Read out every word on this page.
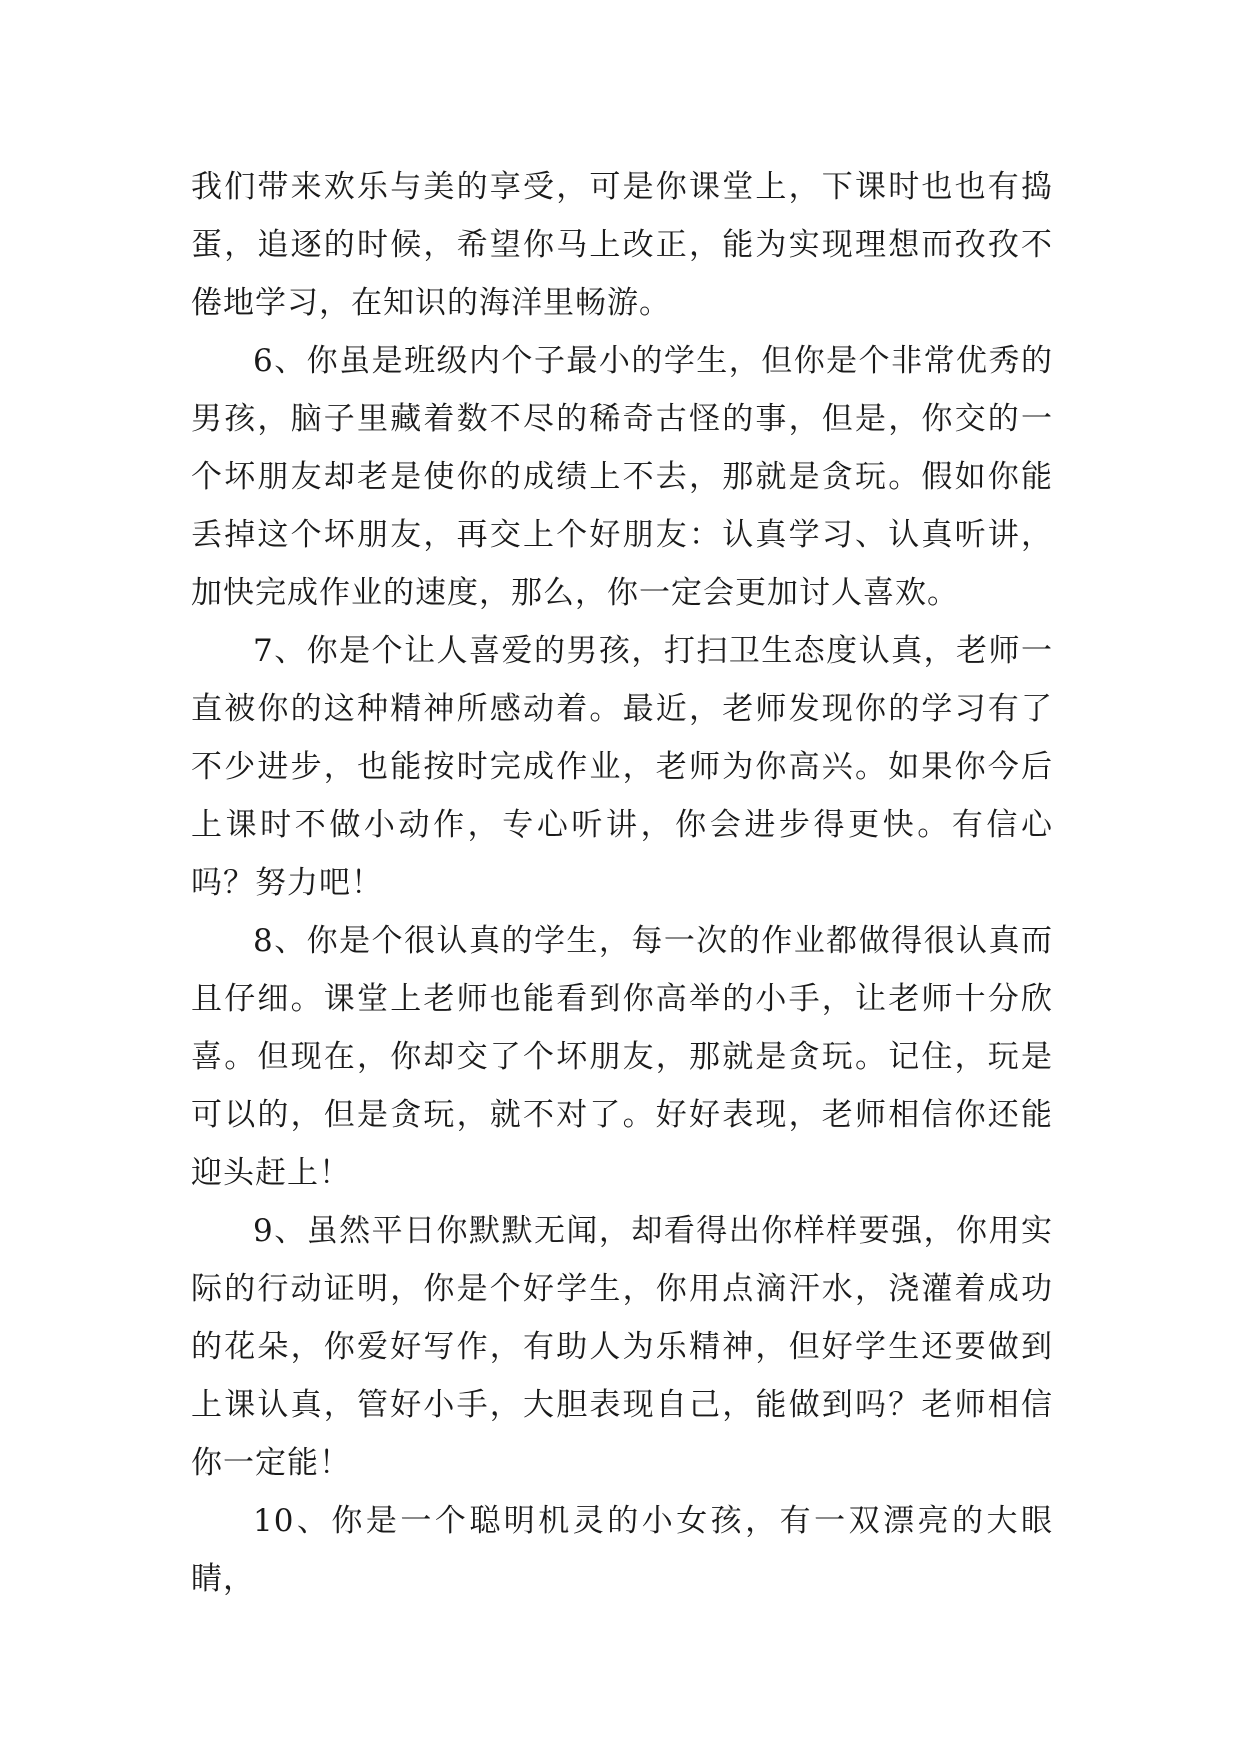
我们带来欢乐与美的享受，可是你课堂上，下课时也也有捣蛋，追逐的时候，希望你马上改正，能为实现理想而孜孜不倦地学习，在知识的海洋里畅游。

6、你虽是班级内个子最小的学生，但你是个非常优秀的男孩，脑子里藏着数不尽的稀奇古怪的事，但是，你交的一个坏朋友却老是使你的成绩上不去，那就是贪玩。假如你能丢掉这个坏朋友，再交上个好朋友：认真学习、认真听讲，加快完成作业的速度，那么，你一定会更加讨人喜欢。

7、你是个让人喜爱的男孩，打扫卫生态度认真，老师一直被你的这种精神所感动着。最近，老师发现你的学习有了不少进步，也能按时完成作业，老师为你高兴。如果你今后上课时不做小动作，专心听讲，你会进步得更快。有信心吗？努力吧！

8、你是个很认真的学生，每一次的作业都做得很认真而且仔细。课堂上老师也能看到你高举的小手，让老师十分欣喜。但现在，你却交了个坏朋友，那就是贪玩。记住，玩是可以的，但是贪玩，就不对了。好好表现，老师相信你还能迎头赶上！

9、虽然平日你默默无闻，却看得出你样样要强，你用实际的行动证明，你是个好学生，你用点滴汗水，浇灌着成功的花朵，你爱好写作，有助人为乐精神，但好学生还要做到上课认真，管好小手，大胆表现自己，能做到吗？老师相信你一定能！

10、你是一个聪明机灵的小女孩，有一双漂亮的大眼睛，
